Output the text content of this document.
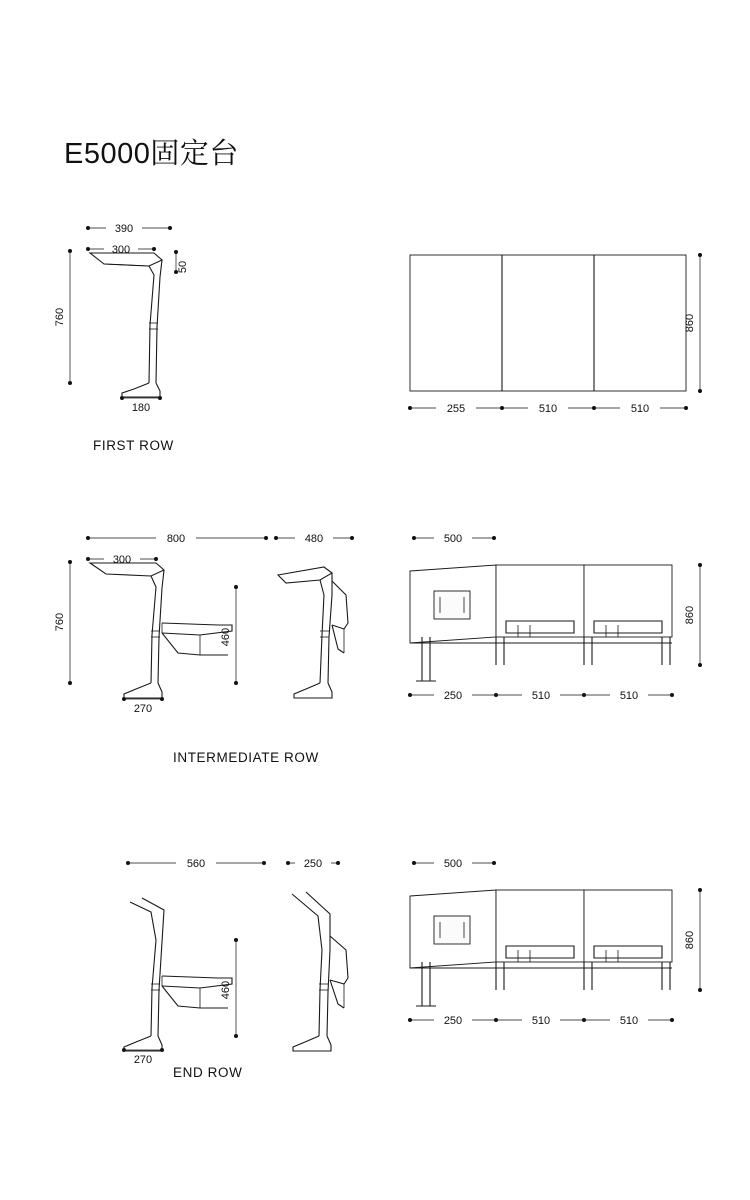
E5000固定台
390
300
50
760
180
860
255	510	510
FIRST ROW
800
300
760
270
460
480	500
860
250	510	510
INTERMEDIATE ROW
560
460
270
250	500
860
250	510	510
END ROW
